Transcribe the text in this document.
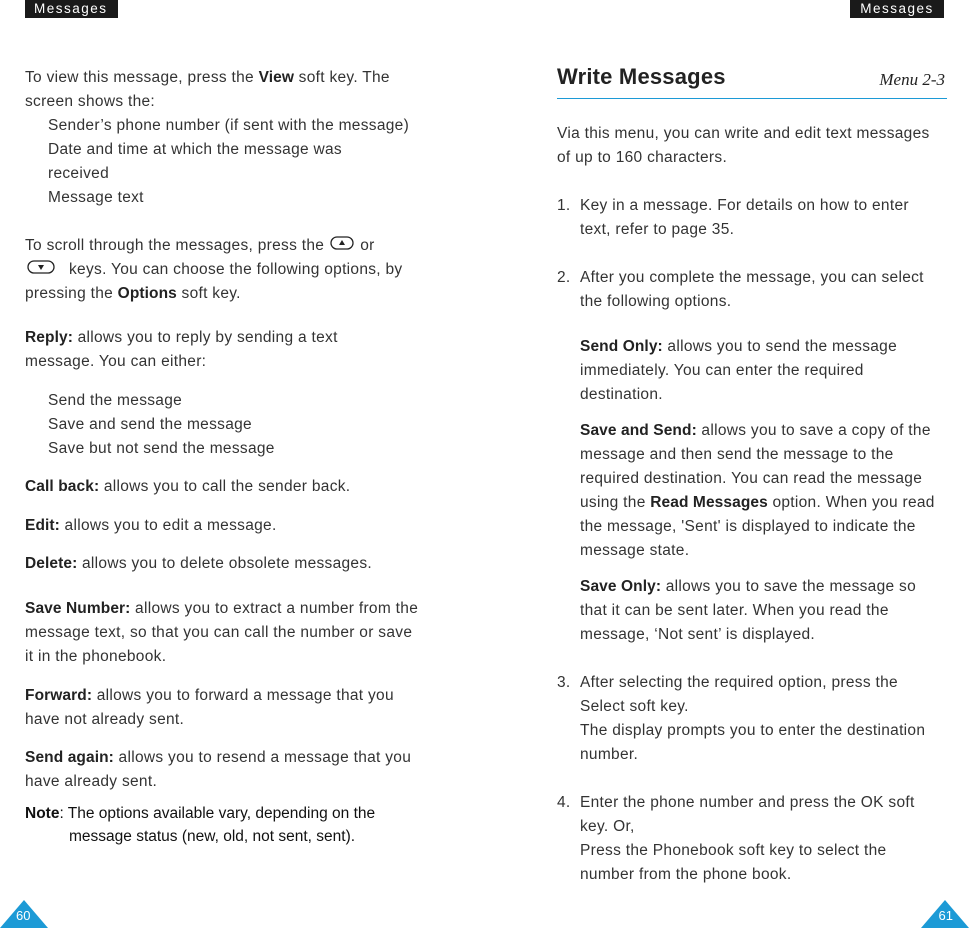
Messages	Messages

To view this message, press the View soft key. The screen shows the:

Sender’s phone number (if sent with the message)

Date and time at which the message was received

Message text

To scroll through the messages, press the or
keys. You can choose the following options, by pressing the Options soft key.

Reply: allows you to reply by sending a text message. You can either:

Send the message

Save and send the message

Save but not send the message

Call back: allows you to call the sender back.

Edit: allows you to edit a message.

Delete: allows you to delete obsolete messages.

Save Number: allows you to extract a number from the message text, so that you can call the number or save it in the phonebook.

Forward: allows you to forward a message that you have not already sent.

Send again: allows you to resend a message that you have already sent.

Note: The options available vary, depending on the
message status (new, old, not sent, sent).
Write Messages	Menu 2-3

Via this menu, you can write and edit text messages of up to 160 characters.

1. Key in a message. For details on how to enter text, refer to page 35.

2. After you complete the message, you can select the following options.

Send Only: allows you to send the message immediately. You can enter the required destination.

Save and Send: allows you to save a copy of the message and then send the message to the required destination. You can read the message using the Read Messages option. When you read the message, 'Sent' is displayed to indicate the message state.

Save Only: allows you to save the message so that it can be sent later. When you read the message, ‘Not sent’ is displayed.

3. After selecting the required option, press the Select soft key.
The display prompts you to enter the destination number.
4. Enter the phone number and press the OK soft key. Or,
Press the Phonebook soft key to select the number from the phone book.
60	61
